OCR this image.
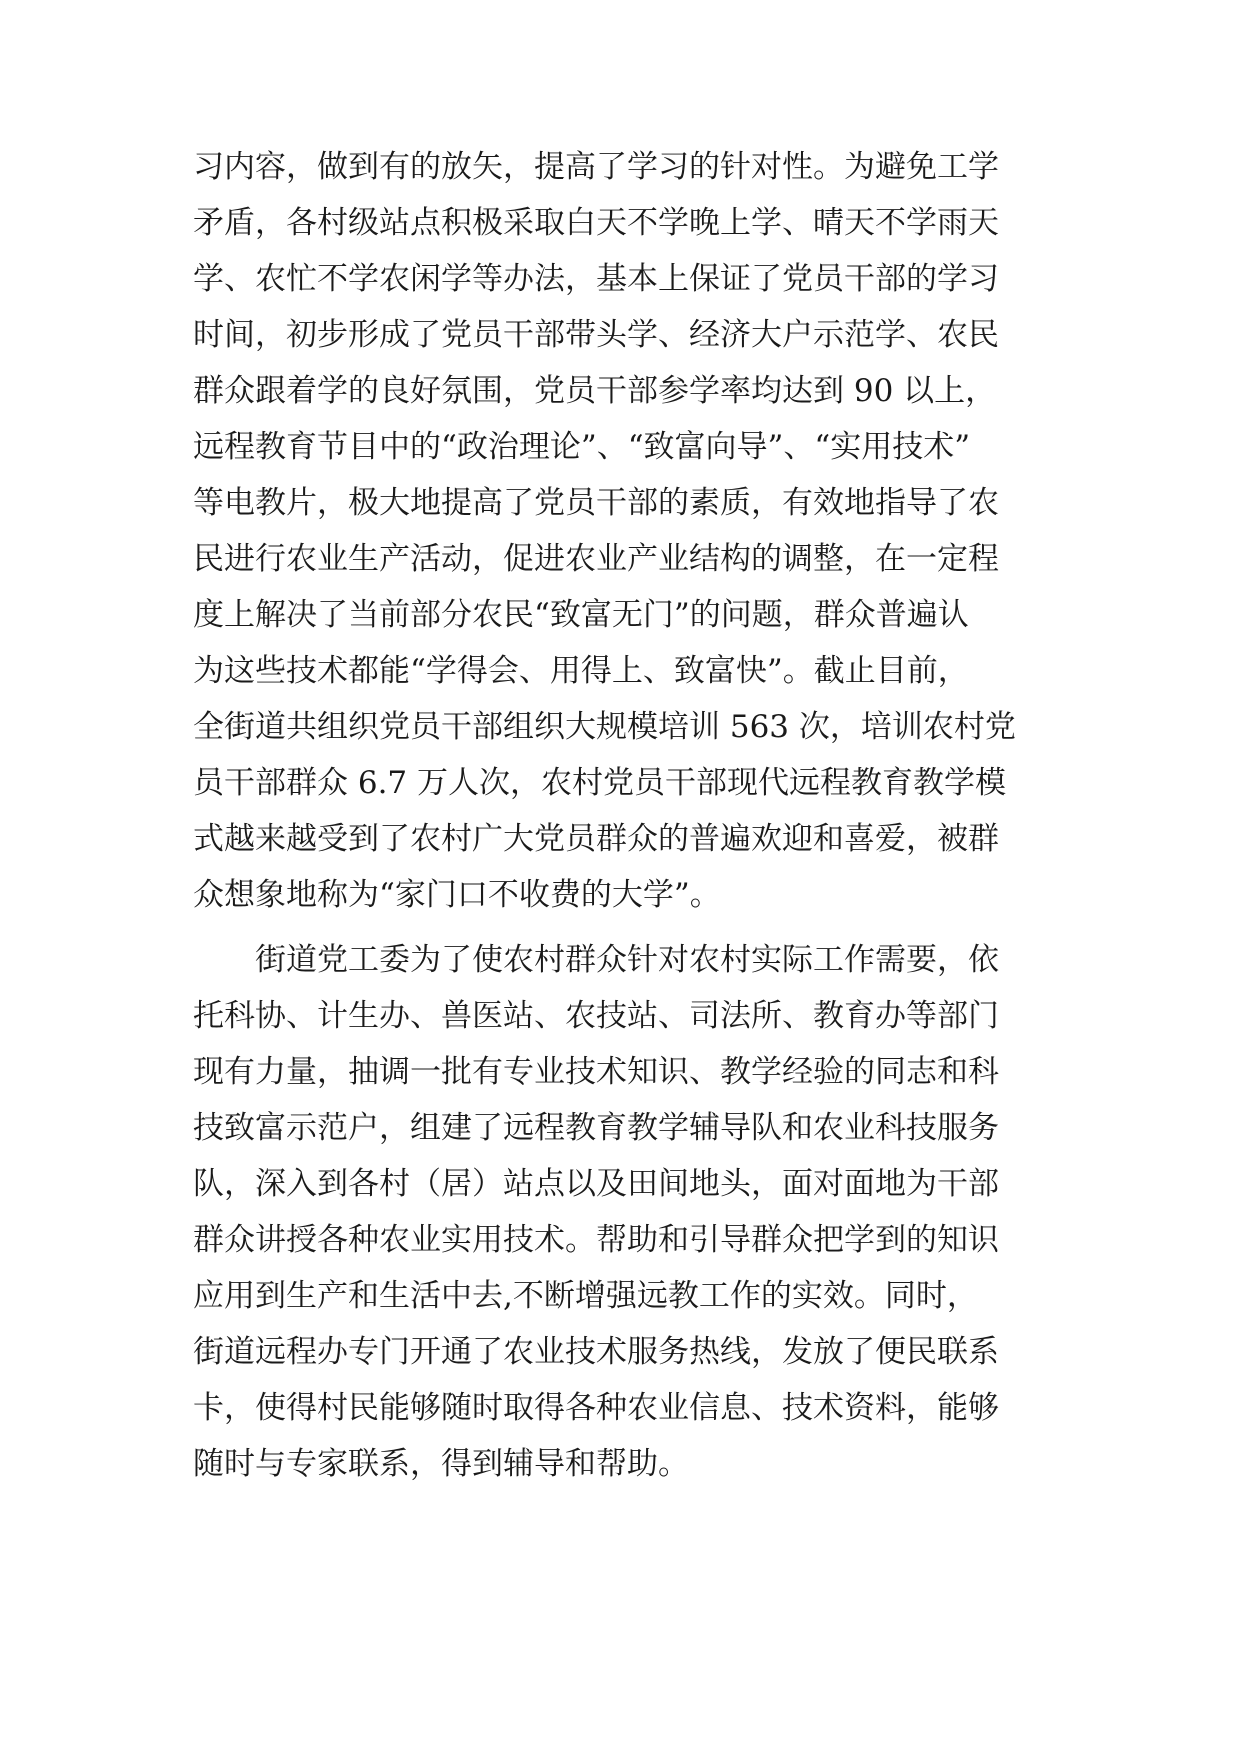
习内容，做到有的放矢，提高了学习的针对性。为避免工学
矛盾，各村级站点积极采取白天不学晚上学、晴天不学雨天
学、农忙不学农闲学等办法，基本上保证了党员干部的学习
时间，初步形成了党员干部带头学、经济大户示范学、农民
群众跟着学的良好氛围，党员干部参学率均达到 90 以上，
远程教育节目中的“政治理论”、“致富向导”、“实用技术”
等电教片，极大地提高了党员干部的素质，有效地指导了农
民进行农业生产活动，促进农业产业结构的调整，在一定程
度上解决了当前部分农民“致富无门”的问题，群众普遍认
为这些技术都能“学得会、用得上、致富快”。截止目前，
全街道共组织党员干部组织大规模培训 563 次，培训农村党
员干部群众 6.7 万人次，农村党员干部现代远程教育教学模
式越来越受到了农村广大党员群众的普遍欢迎和喜爱，被群
众想象地称为“家门口不收费的大学”。
街道党工委为了使农村群众针对农村实际工作需要，依
托科协、计生办、兽医站、农技站、司法所、教育办等部门
现有力量，抽调一批有专业技术知识、教学经验的同志和科
技致富示范户，组建了远程教育教学辅导队和农业科技服务
队，深入到各村（居）站点以及田间地头，面对面地为干部
群众讲授各种农业实用技术。帮助和引导群众把学到的知识
应用到生产和生活中去,不断增强远教工作的实效。同时，
街道远程办专门开通了农业技术服务热线，发放了便民联系
卡，使得村民能够随时取得各种农业信息、技术资料，能够
随时与专家联系，得到辅导和帮助。
